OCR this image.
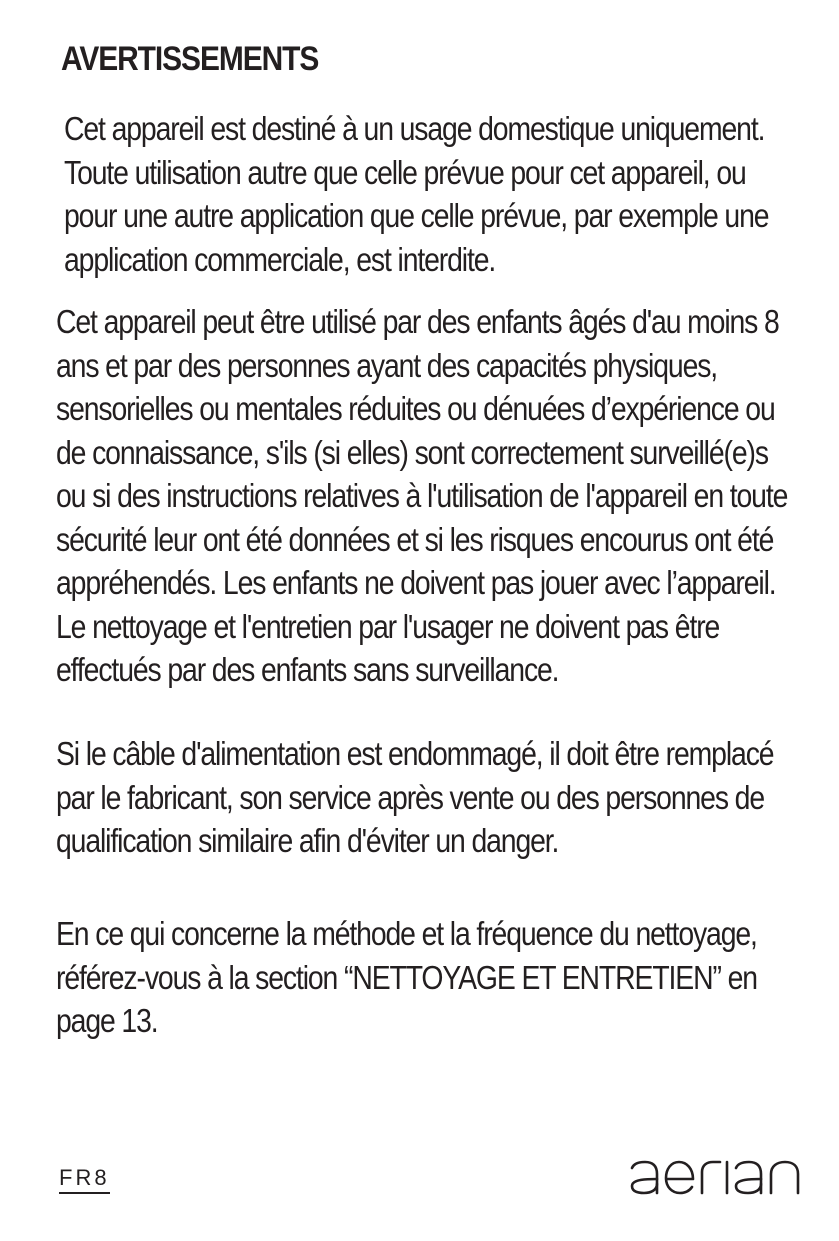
AVERTISSEMENTS

Cet appareil est destiné à un usage domestique uniquement.
Toute utilisation autre que celle prévue pour cet appareil, ou
pour une autre application que celle prévue, par exemple une
application commerciale, est interdite.

Cet appareil peut être utilisé par des enfants âgés d'au moins 8
ans et par des personnes ayant des capacités physiques,
sensorielles ou mentales réduites ou dénuées d’expérience ou
de connaissance, s'ils (si elles) sont correctement surveillé(e)s
ou si des instructions relatives à l'utilisation de l'appareil en toute
sécurité leur ont été données et si les risques encourus ont été
appréhendés. Les enfants ne doivent pas jouer avec l’appareil.
Le nettoyage et l'entretien par l'usager ne doivent pas être
effectués par des enfants sans surveillance.

Si le câble d'alimentation est endommagé, il doit être remplacé
par le fabricant, son service après vente ou des personnes de
qualification similaire afin d'éviter un danger.

En ce qui concerne la méthode et la fréquence du nettoyage,
référez-vous à la section “NETTOYAGE ET ENTRETIEN” en
page 13.

FR8
